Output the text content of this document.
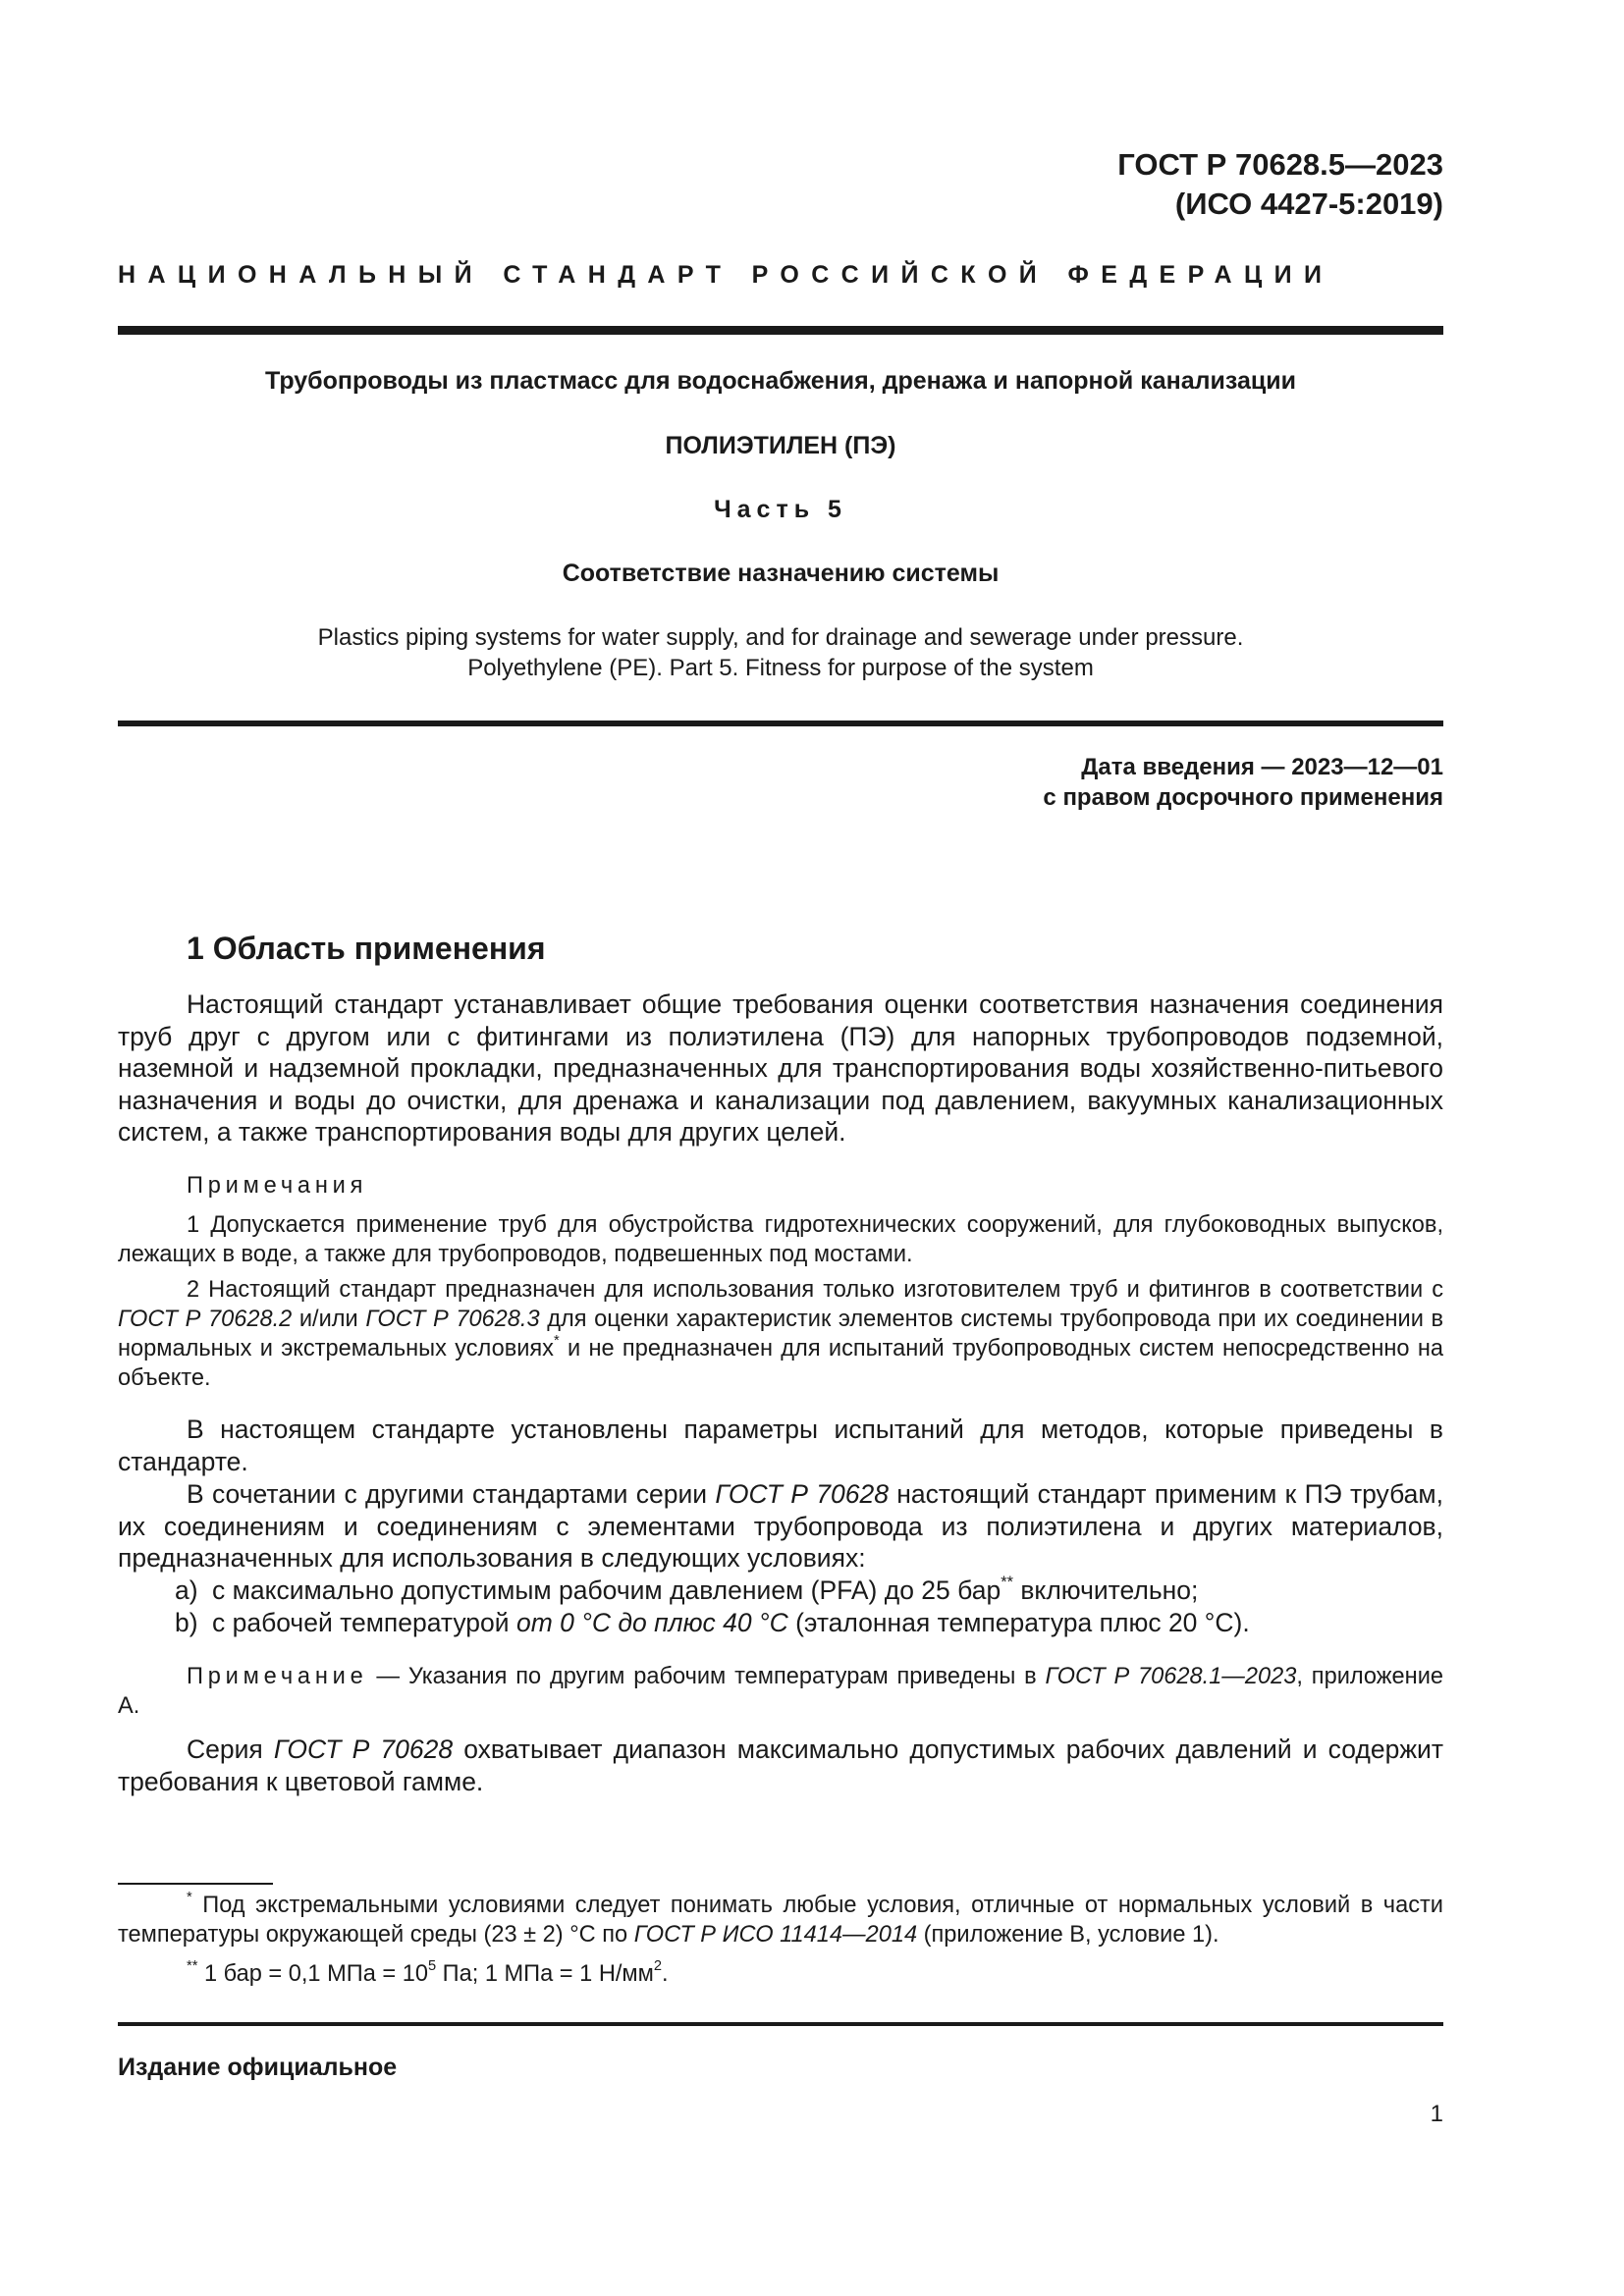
ГОСТ Р 70628.5—2023
(ИСО 4427-5:2019)
НАЦИОНАЛЬНЫЙ СТАНДАРТ РОССИЙСКОЙ ФЕДЕРАЦИИ
Трубопроводы из пластмасс для водоснабжения, дренажа и напорной канализации
ПОЛИЭТИЛЕН (ПЭ)
Часть 5
Соответствие назначению системы
Plastics piping systems for water supply, and for drainage and sewerage under pressure.
Polyethylene (PE). Part 5. Fitness for purpose of the system
Дата введения — 2023—12—01
с правом досрочного применения
1 Область применения
Настоящий стандарт устанавливает общие требования оценки соответствия назначения соединения труб друг с другом или с фитингами из полиэтилена (ПЭ) для напорных трубопроводов подземной, наземной и надземной прокладки, предназначенных для транспортирования воды хозяйственно-питьевого назначения и воды до очистки, для дренажа и канализации под давлением, вакуумных канализационных систем, а также транспортирования воды для других целей.
Примечания
1 Допускается применение труб для обустройства гидротехнических сооружений, для глубоководных выпусков, лежащих в воде, а также для трубопроводов, подвешенных под мостами.
2 Настоящий стандарт предназначен для использования только изготовителем труб и фитингов в соответствии с ГОСТ Р 70628.2 и/или ГОСТ Р 70628.3 для оценки характеристик элементов системы трубопровода при их соединении в нормальных и экстремальных условиях* и не предназначен для испытаний трубопроводных систем непосредственно на объекте.
В настоящем стандарте установлены параметры испытаний для методов, которые приведены в стандарте.
В сочетании с другими стандартами серии ГОСТ Р 70628 настоящий стандарт применим к ПЭ трубам, их соединениям и соединениям с элементами трубопровода из полиэтилена и других материалов, предназначенных для использования в следующих условиях:
a) с максимально допустимым рабочим давлением (PFA) до 25 бар** включительно;
b) с рабочей температурой от 0 °С до плюс 40 °С (эталонная температура плюс 20 °С).
Примечание — Указания по другим рабочим температурам приведены в ГОСТ Р 70628.1—2023, приложение А.
Серия ГОСТ Р 70628 охватывает диапазон максимально допустимых рабочих давлений и содержит требования к цветовой гамме.
* Под экстремальными условиями следует понимать любые условия, отличные от нормальных условий в части температуры окружающей среды (23 ± 2) °С по ГОСТ Р ИСО 11414—2014 (приложение В, условие 1).
** 1 бар = 0,1 МПа = $10^5$ Па; 1 МПа = 1 $Н/мм^2$.
Издание официальное
1
